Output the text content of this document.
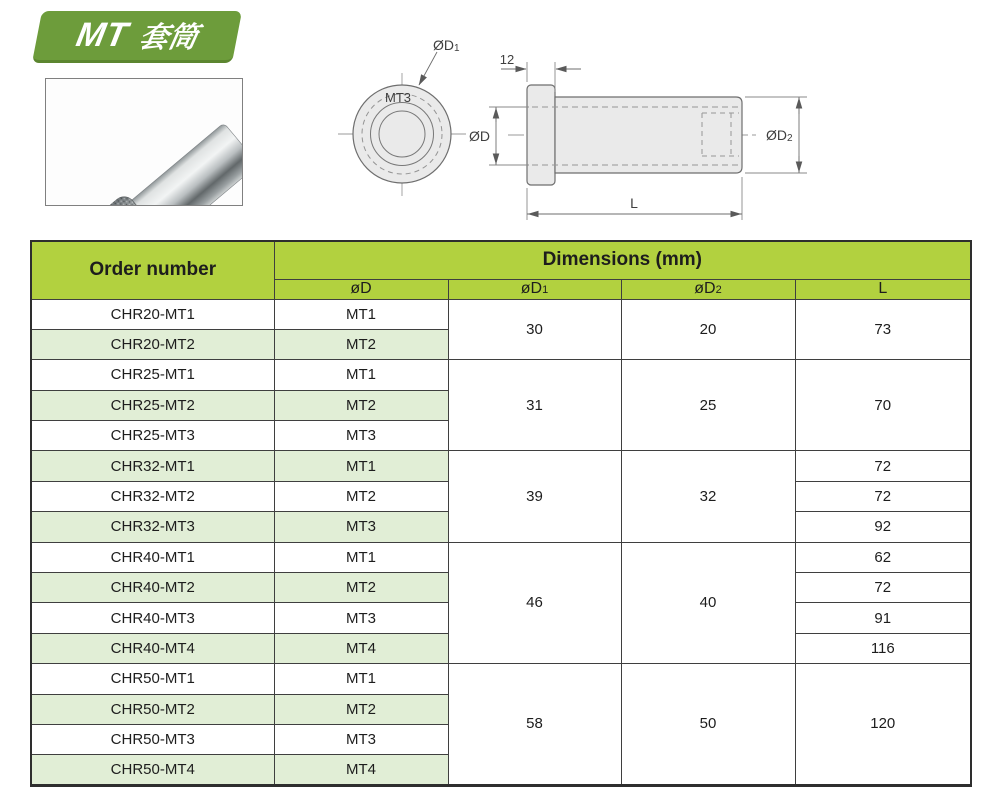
MT 套筒
MT3
ØD1
12
ØD	ØD2
L
Order number	Dimensions (mm)			
	øD	øD1	øD2	L
CHR20-MT1	MT1	30	20	73
CHR20-MT2	MT2			
CHR25-MT1	MT1	31	25	70
CHR25-MT2	MT2			
CHR25-MT3	MT3			
CHR32-MT1	MT1	39	32	72
CHR32-MT2	MT2			72
CHR32-MT3	MT3			92
CHR40-MT1	MT1	46	40	62
CHR40-MT2	MT2			72
CHR40-MT3	MT3			91
CHR40-MT4	MT4			116
CHR50-MT1	MT1	58	50	120
CHR50-MT2	MT2			
CHR50-MT3	MT3			
CHR50-MT4	MT4			
